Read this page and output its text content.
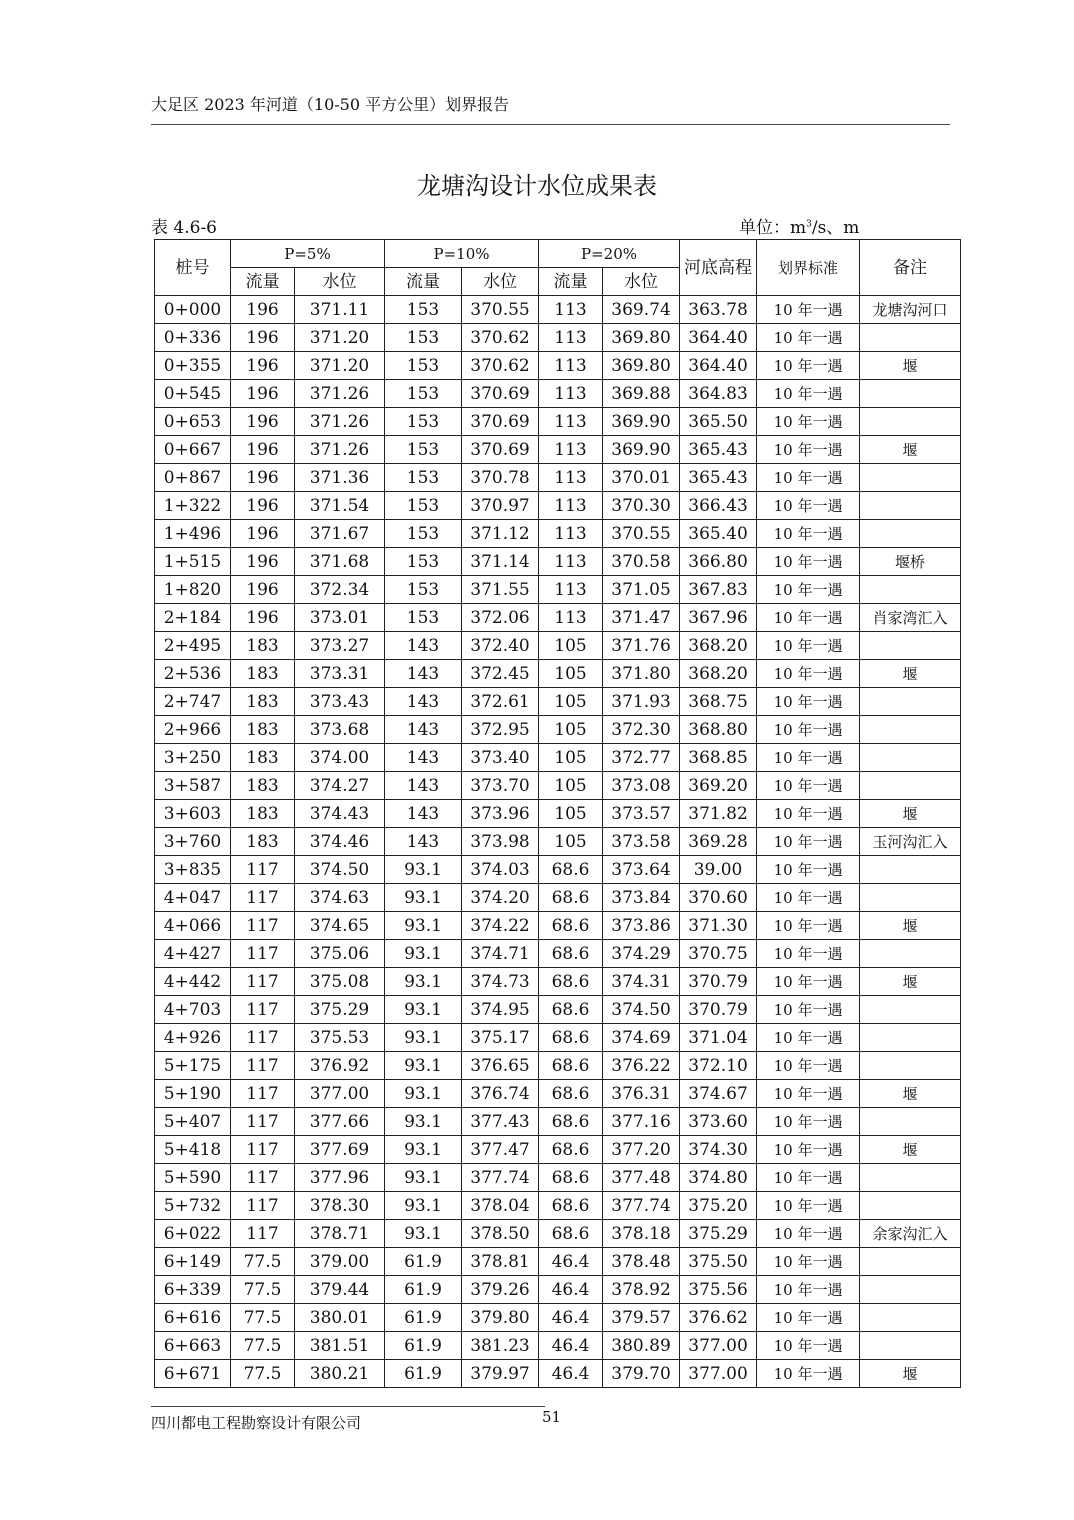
大足区 2023 年河道（10-50 平方公里）划界报告
龙塘沟设计水位成果表
表 4.6-6	单位：$m^3/s$、m
桩号	P=5%		P=10%		P=20%		河底高程	划界标准	备注
	流量	水位	流量	水位	流量	水位			
0+000	196	371.11	153	370.55	113	369.74	363.78	10 年一遇	龙塘沟河口
0+336	196	371.20	153	370.62	113	369.80	364.40	10 年一遇	
0+355	196	371.20	153	370.62	113	369.80	364.40	10 年一遇	堰
0+545	196	371.26	153	370.69	113	369.88	364.83	10 年一遇	
0+653	196	371.26	153	370.69	113	369.90	365.50	10 年一遇	
0+667	196	371.26	153	370.69	113	369.90	365.43	10 年一遇	堰
0+867	196	371.36	153	370.78	113	370.01	365.43	10 年一遇	
1+322	196	371.54	153	370.97	113	370.30	366.43	10 年一遇	
1+496	196	371.67	153	371.12	113	370.55	365.40	10 年一遇	
1+515	196	371.68	153	371.14	113	370.58	366.80	10 年一遇	堰桥
1+820	196	372.34	153	371.55	113	371.05	367.83	10 年一遇	
2+184	196	373.01	153	372.06	113	371.47	367.96	10 年一遇	肖家湾汇入
2+495	183	373.27	143	372.40	105	371.76	368.20	10 年一遇	
2+536	183	373.31	143	372.45	105	371.80	368.20	10 年一遇	堰
2+747	183	373.43	143	372.61	105	371.93	368.75	10 年一遇	
2+966	183	373.68	143	372.95	105	372.30	368.80	10 年一遇	
3+250	183	374.00	143	373.40	105	372.77	368.85	10 年一遇	
3+587	183	374.27	143	373.70	105	373.08	369.20	10 年一遇	
3+603	183	374.43	143	373.96	105	373.57	371.82	10 年一遇	堰
3+760	183	374.46	143	373.98	105	373.58	369.28	10 年一遇	玉河沟汇入
3+835	117	374.50	93.1	374.03	68.6	373.64	39.00	10 年一遇	
4+047	117	374.63	93.1	374.20	68.6	373.84	370.60	10 年一遇	
4+066	117	374.65	93.1	374.22	68.6	373.86	371.30	10 年一遇	堰
4+427	117	375.06	93.1	374.71	68.6	374.29	370.75	10 年一遇	
4+442	117	375.08	93.1	374.73	68.6	374.31	370.79	10 年一遇	堰
4+703	117	375.29	93.1	374.95	68.6	374.50	370.79	10 年一遇	
4+926	117	375.53	93.1	375.17	68.6	374.69	371.04	10 年一遇	
5+175	117	376.92	93.1	376.65	68.6	376.22	372.10	10 年一遇	
5+190	117	377.00	93.1	376.74	68.6	376.31	374.67	10 年一遇	堰
5+407	117	377.66	93.1	377.43	68.6	377.16	373.60	10 年一遇	
5+418	117	377.69	93.1	377.47	68.6	377.20	374.30	10 年一遇	堰
5+590	117	377.96	93.1	377.74	68.6	377.48	374.80	10 年一遇	
5+732	117	378.30	93.1	378.04	68.6	377.74	375.20	10 年一遇	
6+022	117	378.71	93.1	378.50	68.6	378.18	375.29	10 年一遇	余家沟汇入
6+149	77.5	379.00	61.9	378.81	46.4	378.48	375.50	10 年一遇	
6+339	77.5	379.44	61.9	379.26	46.4	378.92	375.56	10 年一遇	
6+616	77.5	380.01	61.9	379.80	46.4	379.57	376.62	10 年一遇	
6+663	77.5	381.51	61.9	381.23	46.4	380.89	377.00	10 年一遇	
6+671	77.5	380.21	61.9	379.97	46.4	379.70	377.00	10 年一遇	堰
四川都电工程勘察设计有限公司	51
